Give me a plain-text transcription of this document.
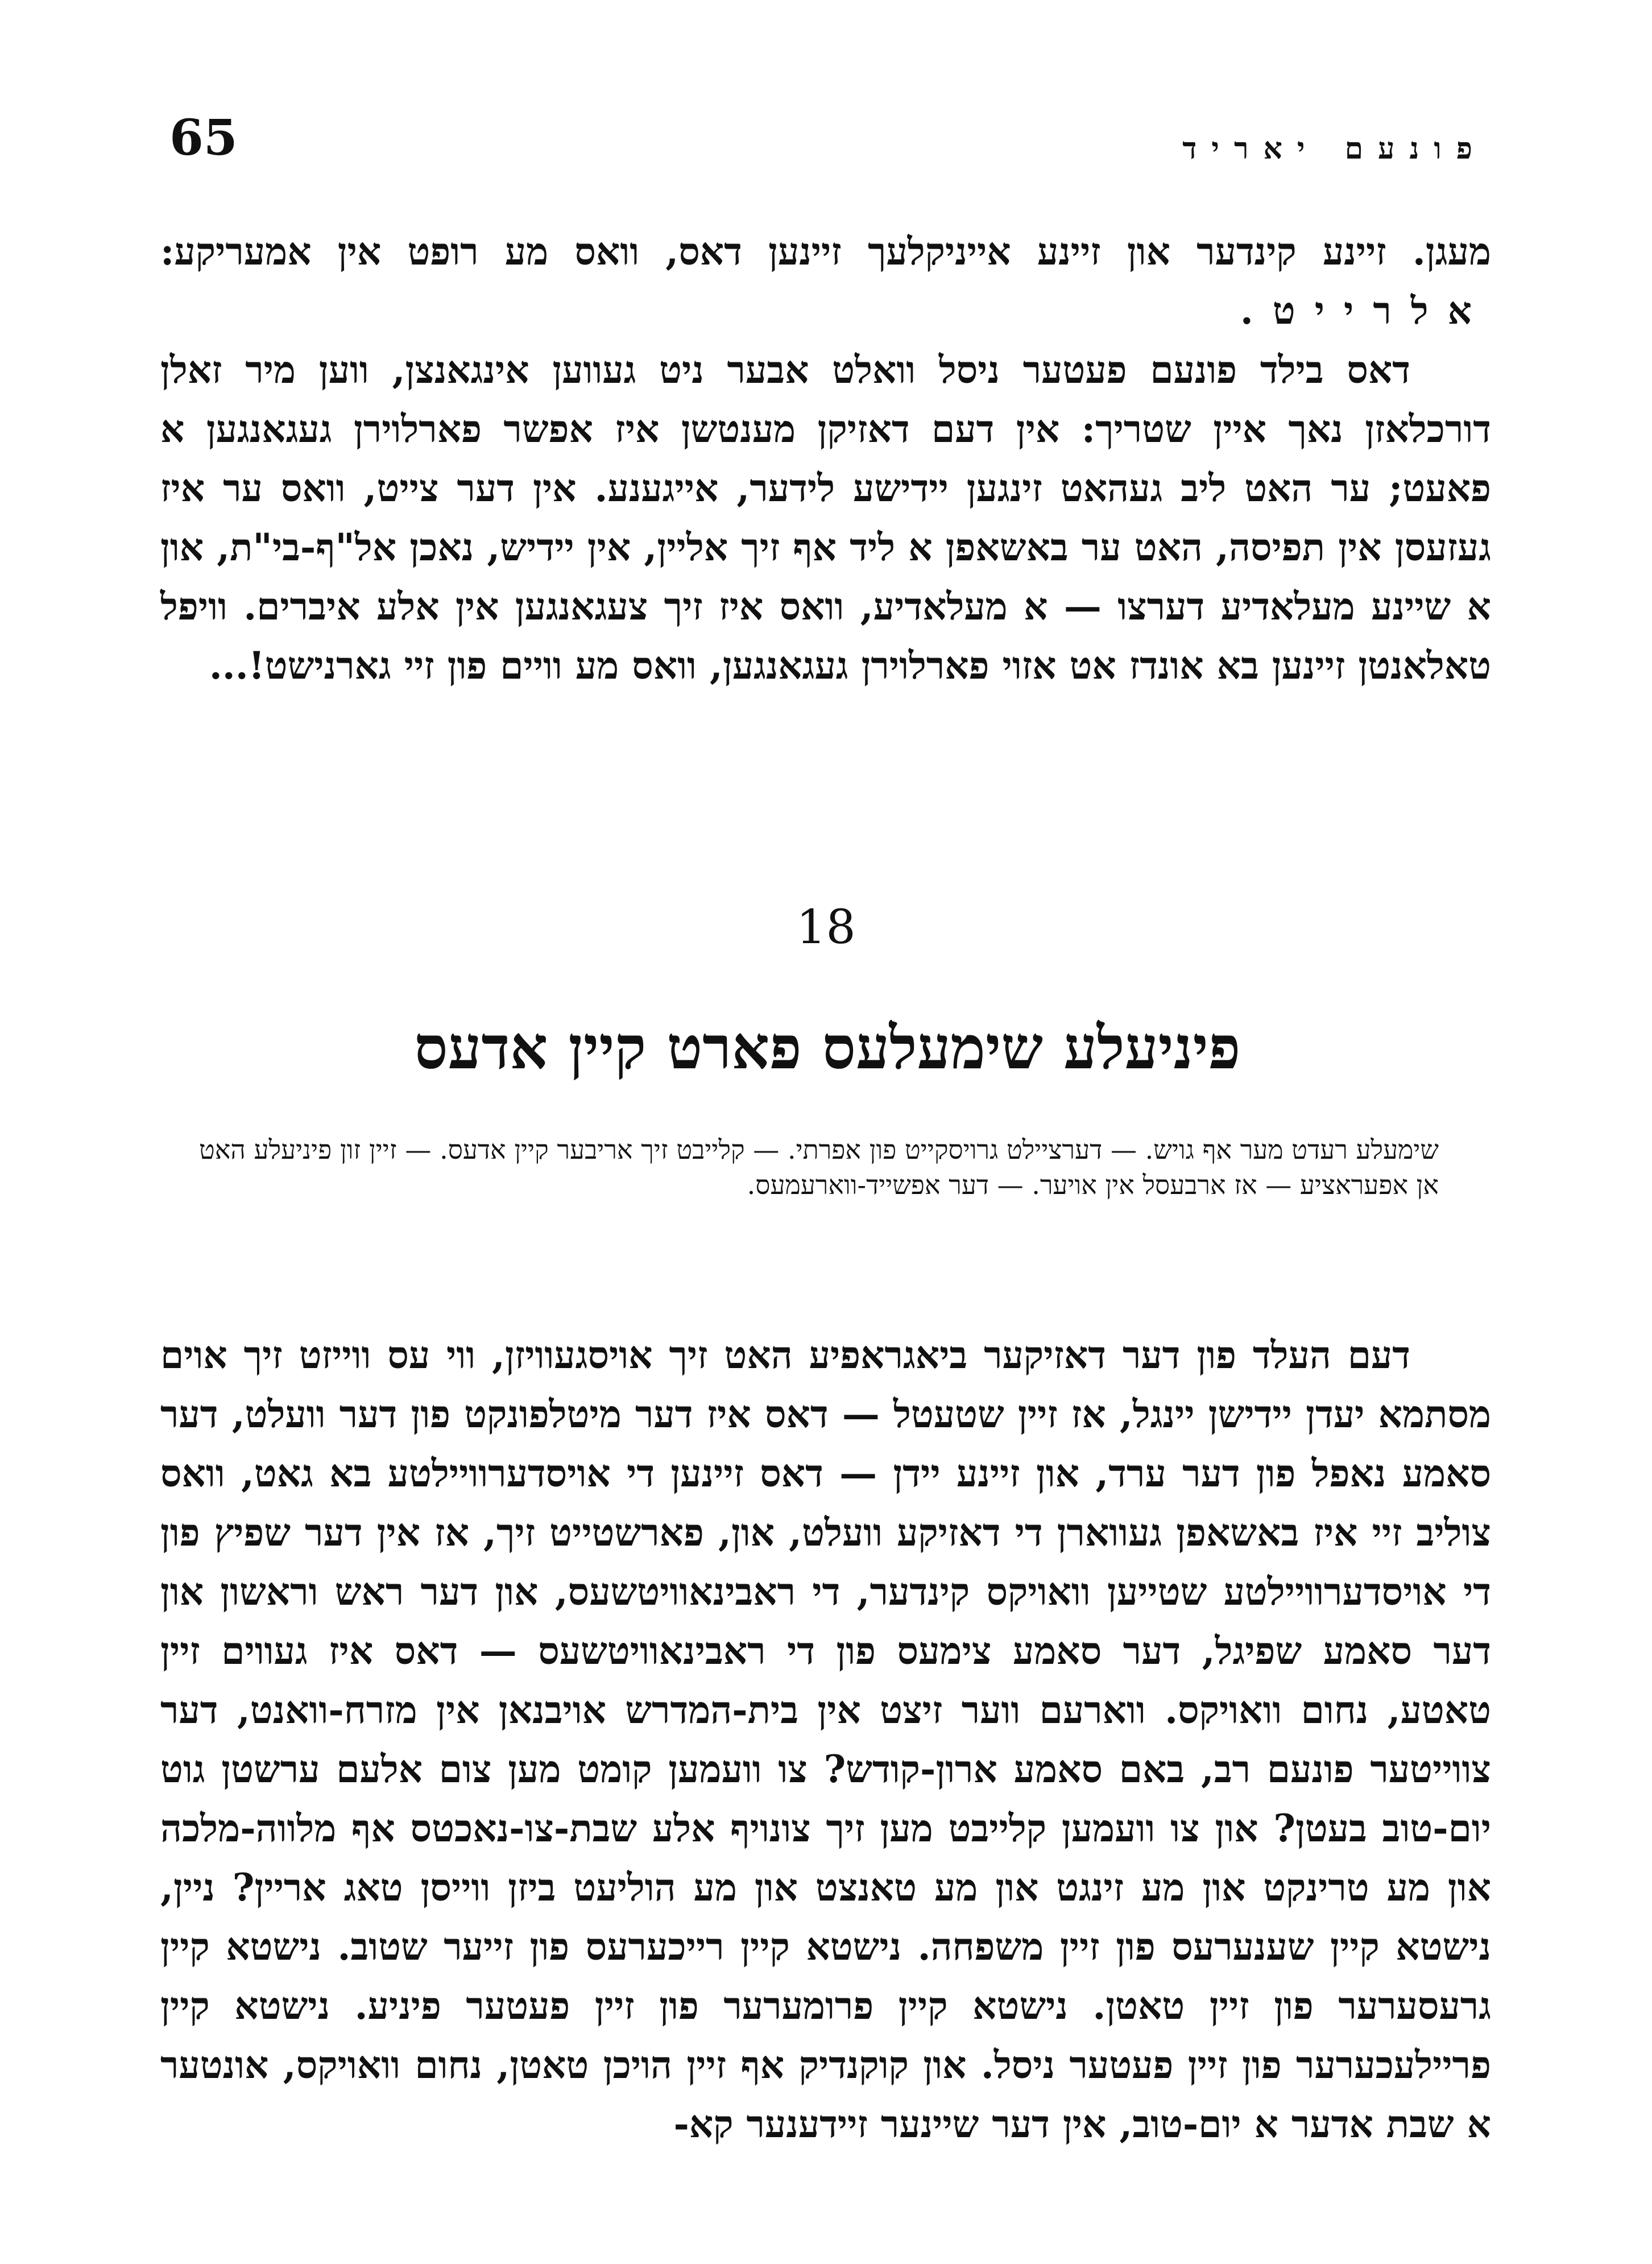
65	פונעם יאריד

מעגן. זיינע קינדער און זיינע אייניקלעך זיינען דאס, וואס מע רופט אין אמעריקע: אלרייט.

דאס בילד פונעם פעטער ניסל וואלט אבער ניט געווען אינגאנצן, ווען מיר זאלן דורכלאזן נאך איין שטריך: אין דעם דאזיקן מענטשן איז אפשר פארלוירן געגאנגען א פאעט; ער האט ליב געהאט זינגען יידישע לידער, אייגענע. אין דער צייט, וואס ער איז געזעסן אין תפיסה, האט ער באשאפן א ליד אף זיך אליין, אין יידיש, נאכן אל"ף-בי"ת, און א שיינע מעלאדיע דערצו — א מעלאדיע, וואס איז זיך צעגאנגען אין אלע איברים. וויפל טאלאנטן זיינען בא אונדז אט אזוי פארלוירן געגאנגען, וואס מע וויים פון זיי גארנישט!...

18
פיניעלע שימעלעס פארט קיין אדעס

שימעלע רעדט מער אף גויש. — דערציילט גרויסקייט פון אפרתי. — קלייבט זיך אריבער קיין אדעס. — זיין זון פיניעלע האט אן אפעראציע — אז ארבעסל אין אויער. — דער אפשייד-ווארעמעס.

דעם העלד פון דער דאזיקער ביאגראפיע האט זיך אויסגעוויזן, ווי עס ווייזט זיך אוים מסתמא יעדן יידישן יינגל, אז זיין שטעטל — דאס איז דער מיטלפונקט פון דער וועלט, דער סאמע נאפל פון דער ערד, און זיינע יידן — דאס זיינען די אויסדערוויילטע בא גאט, וואס צוליב זיי איז באשאפן געווארן די דאזיקע וועלט, און, פארשטייט זיך, אז אין דער שפיץ פון די אויסדערוויילטע שטייען וואויקס קינדער, די ראבינאוויטשעס, און דער ראש וראשון און דער סאמע שפיגל, דער סאמע צימעס פון די ראבינאוויטשעס — דאס איז געווים זיין טאטע, נחום וואויקס. ווארעם ווער זיצט אין בית-המדרש אויבנאן אין מזרח-וואנט, דער צווייטער פונעם רב, באם סאמע ארון-קודש? צו וועמען קומט מען צום אלעם ערשטן גוט יום-טוב בעטן? און צו וועמען קלייבט מען זיך צונויף אלע שבת-צו-נאכטס אף מלווה-מלכה און מע טרינקט און מע זינגט און מע טאנצט און מע הוליעט ביזן ווייסן טאג אריין? ניין, נישטא קיין שענערעס פון זיין משפחה. נישטא קיין רייכערעס פון זייער שטוב. נישטא קיין גרעסערער פון זיין טאטן. נישטא קיין פרומערער פון זיין פעטער פיניע. נישטא קיין פריילעכערער פון זיין פעטער ניסל. און קוקנדיק אף זיין הויכן טאטן, נחום וואויקס, אונטער א שבת אדער א יום-טוב, אין דער שיינער זיידענער קא-
